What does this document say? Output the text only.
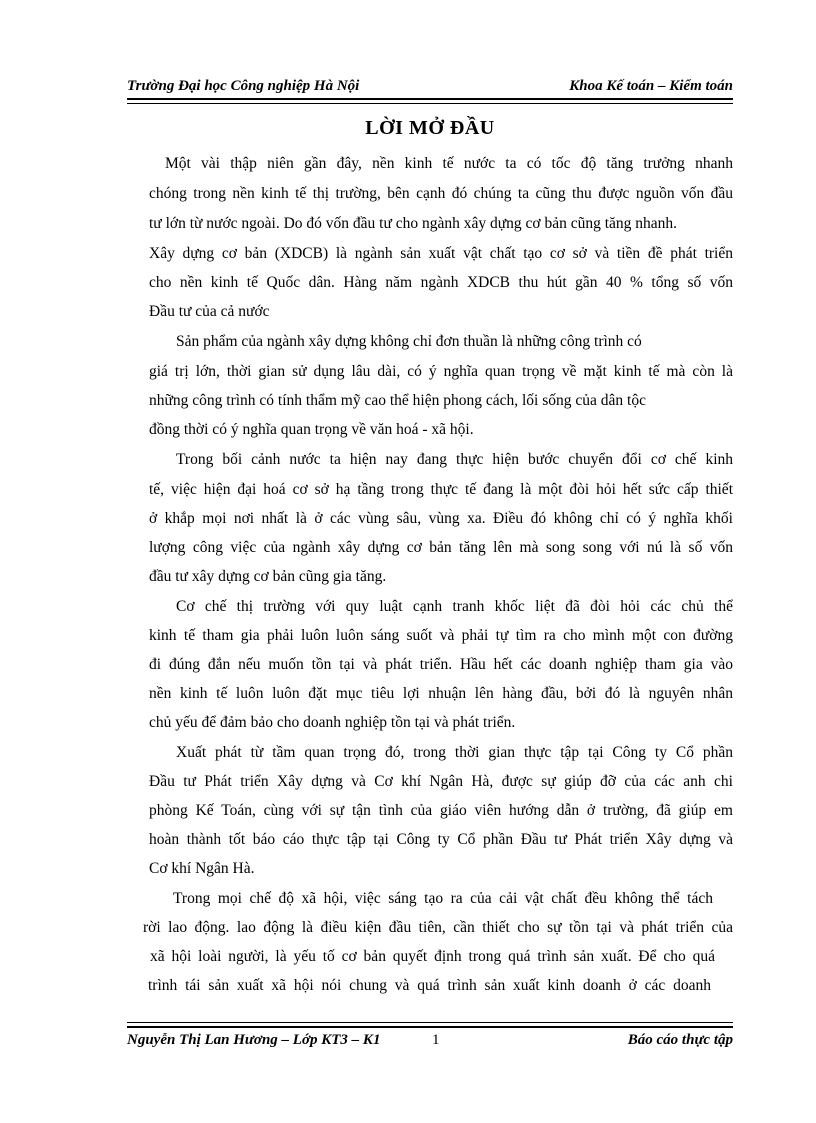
Trường Đại học Công nghiệp Hà Nội	Khoa Kế toán – Kiểm toán
LỜI MỞ ĐẦU
Một vài thập niên gần đây, nền kinh tế nước ta có tốc độ tăng trưởng nhanh
chóng trong nền kinh tế thị trường, bên cạnh đó chúng ta cũng thu được nguồn vốn đầu
tư lớn từ nước ngoài. Do đó vốn đầu tư cho ngành xây dựng cơ bản cũng tăng nhanh.
Xây dựng cơ bản (XDCB) là ngành sản xuất vật chất tạo cơ sở và tiền đề phát triển
cho nền kinh tế Quốc dân. Hàng năm ngành XDCB thu hút gần 40 % tổng số vốn
Đầu tư của cả nước
Sản phẩm của ngành xây dựng không chỉ đơn thuần là những công trình có
giá trị lớn, thời gian sử dụng lâu dài, có ý nghĩa quan trọng về mặt kinh tế mà còn là
những công trình có tính thẩm mỹ cao thể hiện phong cách, lối sống của dân tộc
đồng thời có ý nghĩa quan trọng về văn hoá - xã hội.
Trong bối cảnh nước ta hiện nay đang thực hiện bước chuyển đổi cơ chế kinh
tế, việc hiện đại hoá cơ sở hạ tầng trong thực tế đang là một đòi hỏi hết sức cấp thiết
ở khắp mọi nơi nhất là ở các vùng sâu, vùng xa. Điều đó không chỉ có ý nghĩa khối
lượng công việc của ngành xây dựng cơ bản tăng lên mà song song với nú là số vốn
đầu tư xây dựng cơ bản cũng gia tăng.
Cơ chế thị trường với quy luật cạnh tranh khốc liệt đã đòi hỏi các chủ thể
kinh tế tham gia phải luôn luôn sáng suốt và phải tự tìm ra cho mình một con đường
đi đúng đắn nếu muốn tồn tại và phát triển. Hầu hết các doanh nghiệp tham gia vào
nền kinh tế luôn luôn đặt mục tiêu lợi nhuận lên hàng đầu, bởi đó là nguyên nhân
chủ yếu để đảm bảo cho doanh nghiệp tồn tại và phát triển.
Xuất phát từ tầm quan trọng đó, trong thời gian thực tập tại Công ty Cổ phần
Đầu tư Phát triển Xây dựng và Cơ khí Ngân Hà, được sự giúp đỡ của các anh chi
phòng Kế Toán, cùng với sự tận tình của giáo viên hướng dẫn ở trường, đã giúp em
hoàn thành tốt báo cáo thực tập tại Công ty Cổ phần Đầu tư Phát triển Xây dựng và
Cơ khí Ngân Hà.
Trong mọi chế độ xã hội, việc sáng tạo ra của cải vật chất đều không thể tách
rời lao động. lao động là điều kiện đầu tiên, cần thiết cho sự tồn tại và phát triển của
xã hội loài người, là yếu tố cơ bản quyết định trong quá trình sản xuất. Để cho quá
trình tái sản xuất xã hội nói chung và quá trình sản xuất kinh doanh ở các doanh
Nguyễn Thị Lan Hương – Lớp KT3 – K1	1	Báo cáo thực tập
